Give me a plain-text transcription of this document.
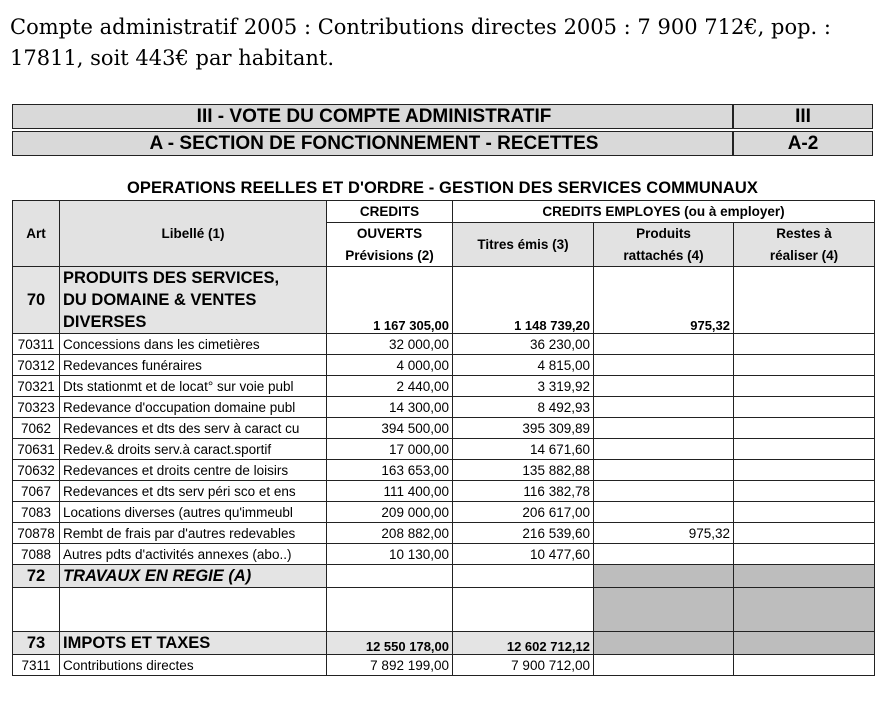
Compte administratif 2005 : Contributions directes 2005 : 7 900 712€, pop. :
17811, soit 443€ par habitant.
III - VOTE DU COMPTE ADMINISTRATIF	III
A - SECTION DE FONCTIONNEMENT - RECETTES	A-2
OPERATIONS REELLES ET D'ORDRE - GESTION DES SERVICES COMMUNAUX
Art	Libellé (1)	CREDITS	CREDITS EMPLOYES (ou à employer)		
		OUVERTS	Titres émis (3)	Produits	Restes à
		Prévisions (2)		rattachés (4)	réaliser (4)
70	PRODUITS DES SERVICES,
DU DOMAINE & VENTES
DIVERSES	1 167 305,00	1 148 739,20	975,32	
70311	Concessions dans les cimetières	32 000,00	36 230,00		
70312	Redevances funéraires	4 000,00	4 815,00		
70321	Dts stationmt et de locat° sur voie publ	2 440,00	3 319,92		
70323	Redevance d'occupation domaine publ	14 300,00	8 492,93		
7062	Redevances et dts des serv à caract cu	394 500,00	395 309,89		
70631	Redev.& droits serv.à caract.sportif	17 000,00	14 671,60		
70632	Redevances et droits centre de loisirs	163 653,00	135 882,88		
7067	Redevances et dts serv péri sco et ens	111 400,00	116 382,78		
7083	Locations diverses (autres qu'immeubl	209 000,00	206 617,00		
70878	Rembt de frais par d'autres redevables	208 882,00	216 539,60	975,32	
7088	Autres pdts d'activités annexes (abo..)	10 130,00	10 477,60		
72	TRAVAUX EN REGIE (A)				

73	IMPOTS ET TAXES	12 550 178,00	12 602 712,12		
7311	Contributions directes	7 892 199,00	7 900 712,00		
